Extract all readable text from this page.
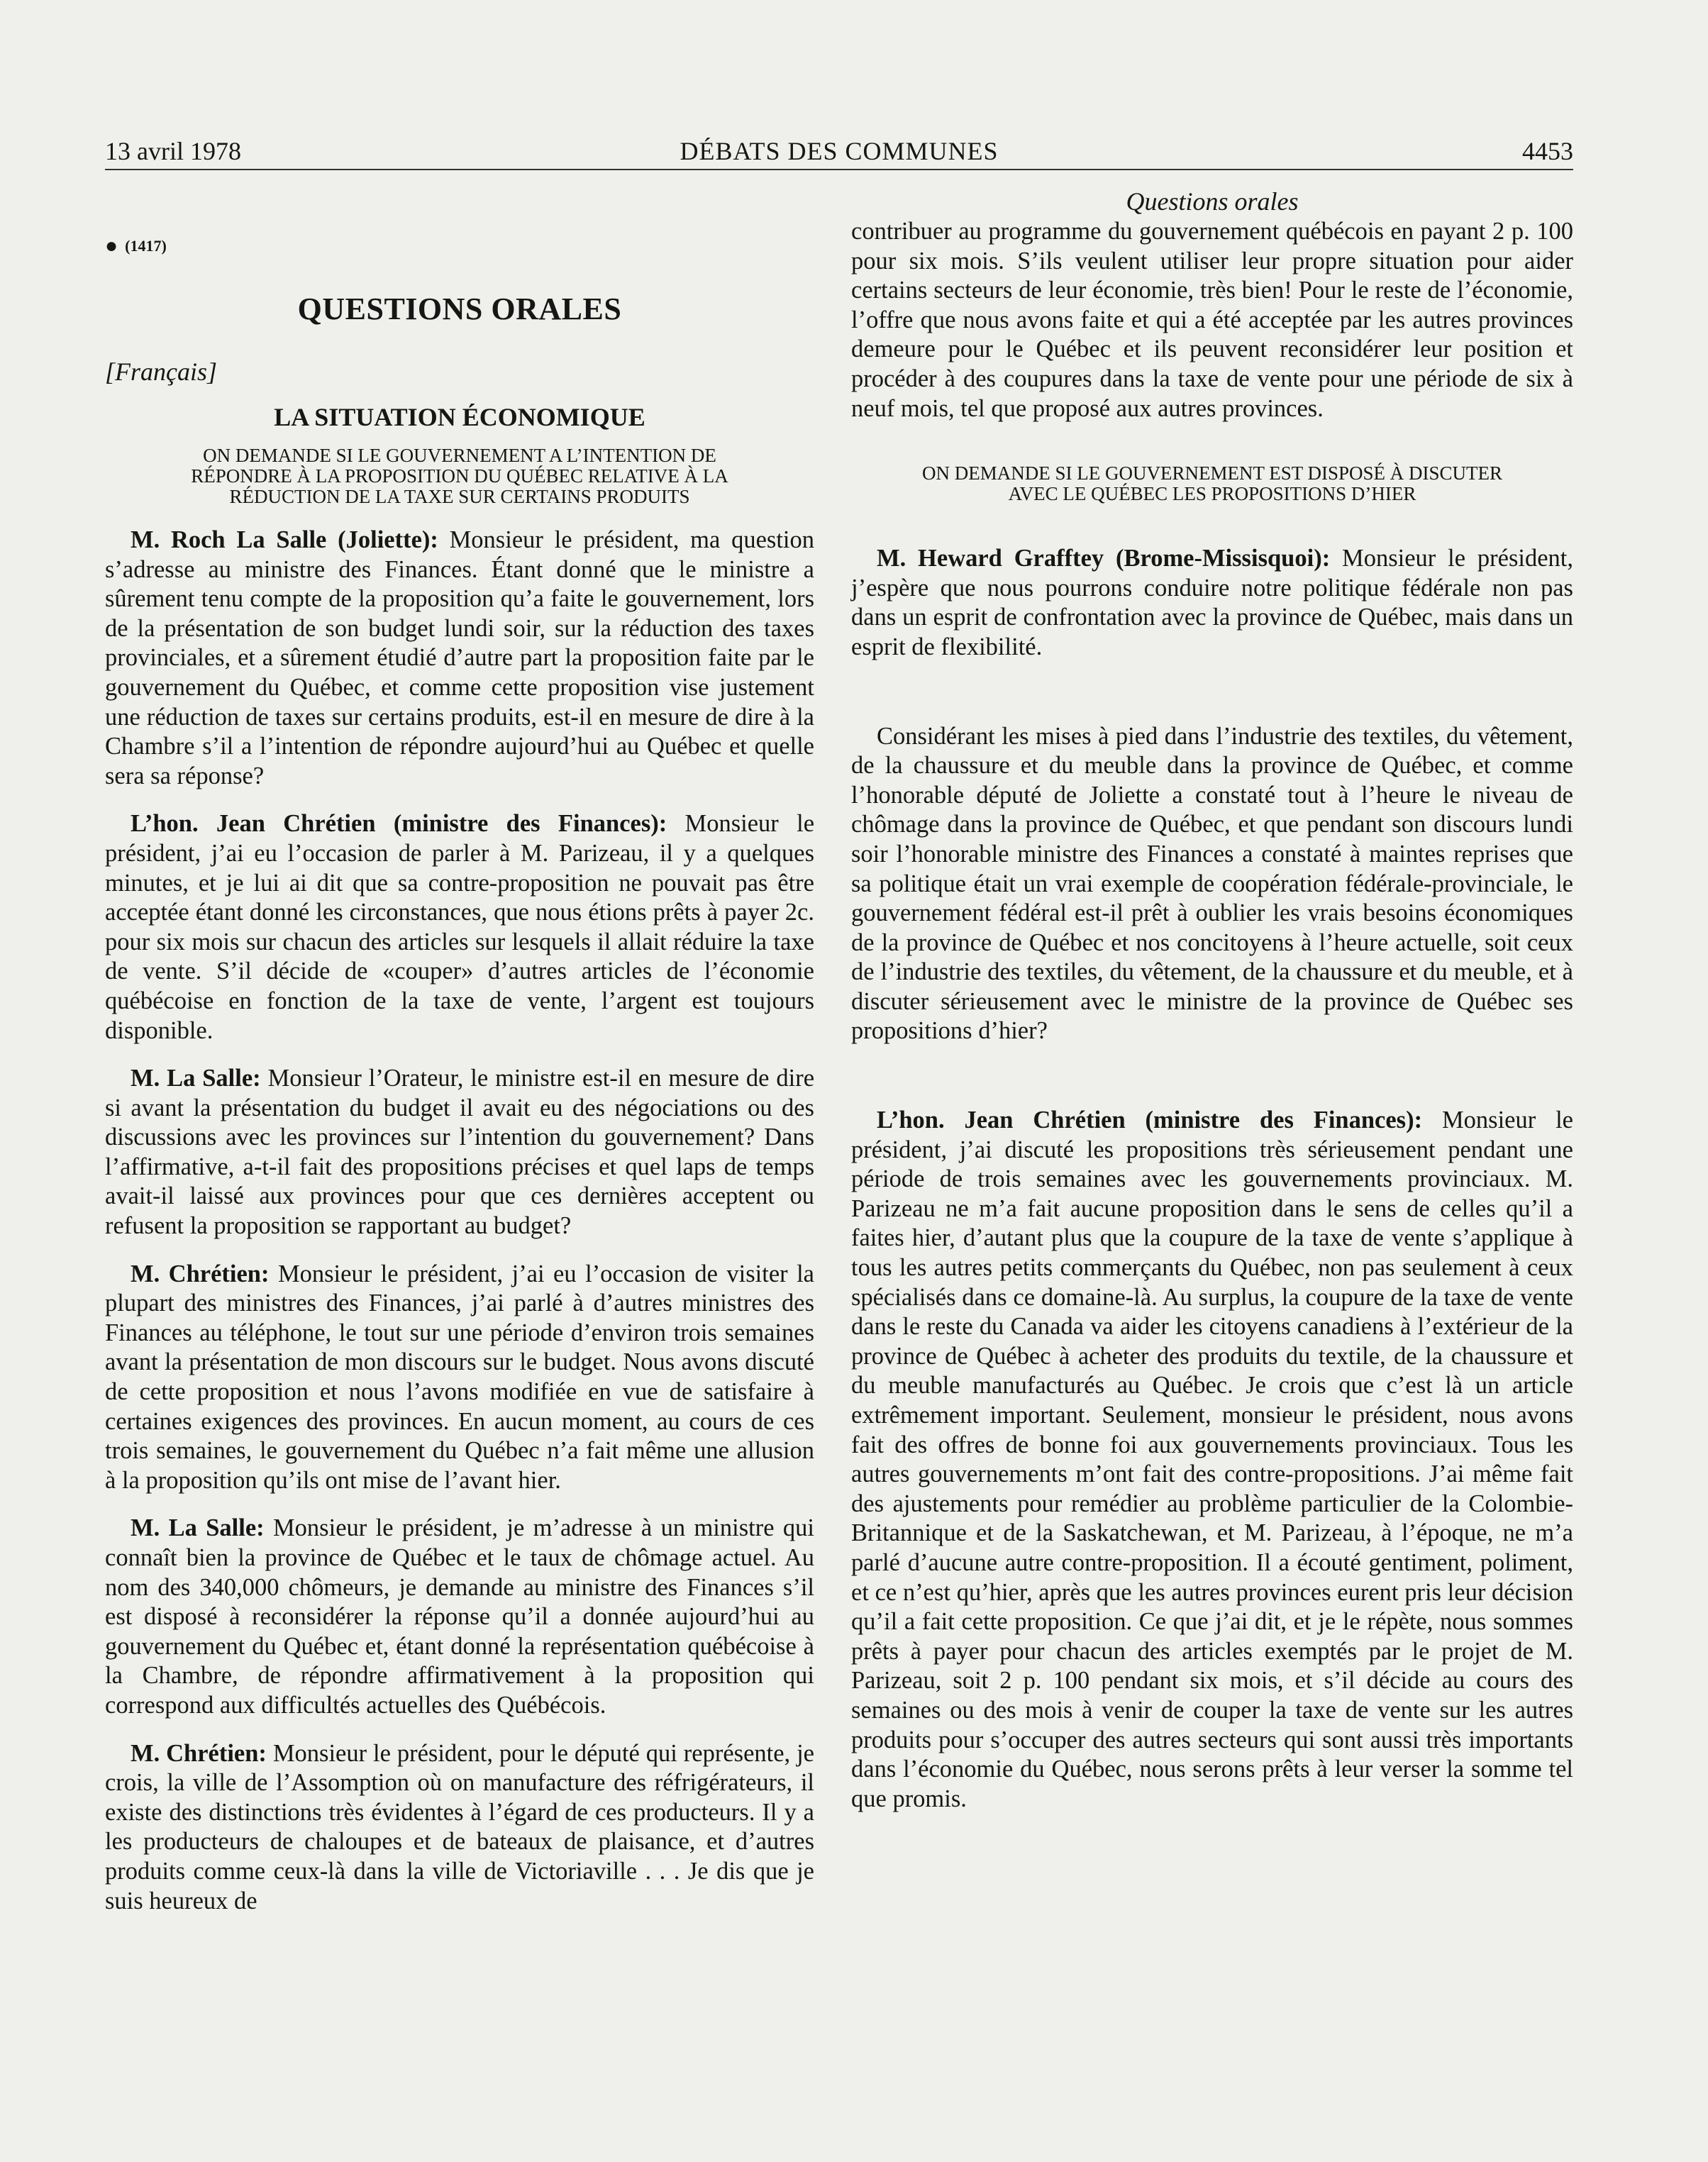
13 avril 1978	DÉBATS DES COMMUNES	4453
● (1417)
QUESTIONS ORALES
[Français]
LA SITUATION ÉCONOMIQUE
ON DEMANDE SI LE GOUVERNEMENT A L’INTENTION DE
RÉPONDRE À LA PROPOSITION DU QUÉBEC RELATIVE À LA
RÉDUCTION DE LA TAXE SUR CERTAINS PRODUITS

M. Roch La Salle (Joliette): Monsieur le président, ma question s’adresse au ministre des Finances. Étant donné que le ministre a sûrement tenu compte de la proposition qu’a faite le gouvernement, lors de la présentation de son budget lundi soir, sur la réduction des taxes provinciales, et a sûrement étudié d’autre part la proposition faite par le gouvernement du Québec, et comme cette proposition vise justement une réduction de taxes sur certains produits, est-il en mesure de dire à la Chambre s’il a l’intention de répondre aujourd’hui au Québec et quelle sera sa réponse?

L’hon. Jean Chrétien (ministre des Finances): Monsieur le président, j’ai eu l’occasion de parler à M. Parizeau, il y a quelques minutes, et je lui ai dit que sa contre-proposition ne pouvait pas être acceptée étant donné les circonstances, que nous étions prêts à payer 2c. pour six mois sur chacun des articles sur lesquels il allait réduire la taxe de vente. S’il décide de «couper» d’autres articles de l’économie québécoise en fonction de la taxe de vente, l’argent est toujours disponible.

M. La Salle: Monsieur l’Orateur, le ministre est-il en mesure de dire si avant la présentation du budget il avait eu des négociations ou des discussions avec les provinces sur l’intention du gouvernement? Dans l’affirmative, a-t-il fait des propositions précises et quel laps de temps avait-il laissé aux provinces pour que ces dernières acceptent ou refusent la proposition se rapportant au budget?

M. Chrétien: Monsieur le président, j’ai eu l’occasion de visiter la plupart des ministres des Finances, j’ai parlé à d’autres ministres des Finances au téléphone, le tout sur une période d’environ trois semaines avant la présentation de mon discours sur le budget. Nous avons discuté de cette proposition et nous l’avons modifiée en vue de satisfaire à certaines exigences des provinces. En aucun moment, au cours de ces trois semaines, le gouvernement du Québec n’a fait même une allusion à la proposition qu’ils ont mise de l’avant hier.

M. La Salle: Monsieur le président, je m’adresse à un ministre qui connaît bien la province de Québec et le taux de chômage actuel. Au nom des 340,000 chômeurs, je demande au ministre des Finances s’il est disposé à reconsidérer la réponse qu’il a donnée aujourd’hui au gouvernement du Québec et, étant donné la représentation québécoise à la Chambre, de répondre affirmativement à la proposition qui correspond aux difficultés actuelles des Québécois.

M. Chrétien: Monsieur le président, pour le député qui représente, je crois, la ville de l’Assomption où on manufacture des réfrigérateurs, il existe des distinctions très évidentes à l’égard de ces producteurs. Il y a les producteurs de chaloupes et de bateaux de plaisance, et d’autres produits comme ceux-là dans la ville de Victoriaville . . . Je dis que je suis heureux de

Questions orales

contribuer au programme du gouvernement québécois en payant 2 p. 100 pour six mois. S’ils veulent utiliser leur propre situation pour aider certains secteurs de leur économie, très bien! Pour le reste de l’économie, l’offre que nous avons faite et qui a été acceptée par les autres provinces demeure pour le Québec et ils peuvent reconsidérer leur position et procéder à des coupures dans la taxe de vente pour une période de six à neuf mois, tel que proposé aux autres provinces.

ON DEMANDE SI LE GOUVERNEMENT EST DISPOSÉ À DISCUTER
AVEC LE QUÉBEC LES PROPOSITIONS D’HIER

M. Heward Grafftey (Brome-Missisquoi): Monsieur le président, j’espère que nous pourrons conduire notre politique fédérale non pas dans un esprit de confrontation avec la province de Québec, mais dans un esprit de flexibilité.

Considérant les mises à pied dans l’industrie des textiles, du vêtement, de la chaussure et du meuble dans la province de Québec, et comme l’honorable député de Joliette a constaté tout à l’heure le niveau de chômage dans la province de Québec, et que pendant son discours lundi soir l’honorable ministre des Finances a constaté à maintes reprises que sa politique était un vrai exemple de coopération fédérale-provinciale, le gouvernement fédéral est-il prêt à oublier les vrais besoins économiques de la province de Québec et nos concitoyens à l’heure actuelle, soit ceux de l’industrie des textiles, du vêtement, de la chaussure et du meuble, et à discuter sérieusement avec le ministre de la province de Québec ses propositions d’hier?

L’hon. Jean Chrétien (ministre des Finances): Monsieur le président, j’ai discuté les propositions très sérieusement pendant une période de trois semaines avec les gouvernements provinciaux. M. Parizeau ne m’a fait aucune proposition dans le sens de celles qu’il a faites hier, d’autant plus que la coupure de la taxe de vente s’applique à tous les autres petits commerçants du Québec, non pas seulement à ceux spécialisés dans ce domaine-là. Au surplus, la coupure de la taxe de vente dans le reste du Canada va aider les citoyens canadiens à l’extérieur de la province de Québec à acheter des produits du textile, de la chaussure et du meuble manufacturés au Québec. Je crois que c’est là un article extrêmement important. Seulement, monsieur le président, nous avons fait des offres de bonne foi aux gouvernements provinciaux. Tous les autres gouvernements m’ont fait des contre-propositions. J’ai même fait des ajustements pour remédier au problème particulier de la Colombie-Britannique et de la Saskatchewan, et M. Parizeau, à l’époque, ne m’a parlé d’aucune autre contre-proposition. Il a écouté gentiment, poliment, et ce n’est qu’hier, après que les autres provinces eurent pris leur décision qu’il a fait cette proposition. Ce que j’ai dit, et je le répète, nous sommes prêts à payer pour chacun des articles exemptés par le projet de M. Parizeau, soit 2 p. 100 pendant six mois, et s’il décide au cours des semaines ou des mois à venir de couper la taxe de vente sur les autres produits pour s’occuper des autres secteurs qui sont aussi très importants dans l’économie du Québec, nous serons prêts à leur verser la somme tel que promis.
